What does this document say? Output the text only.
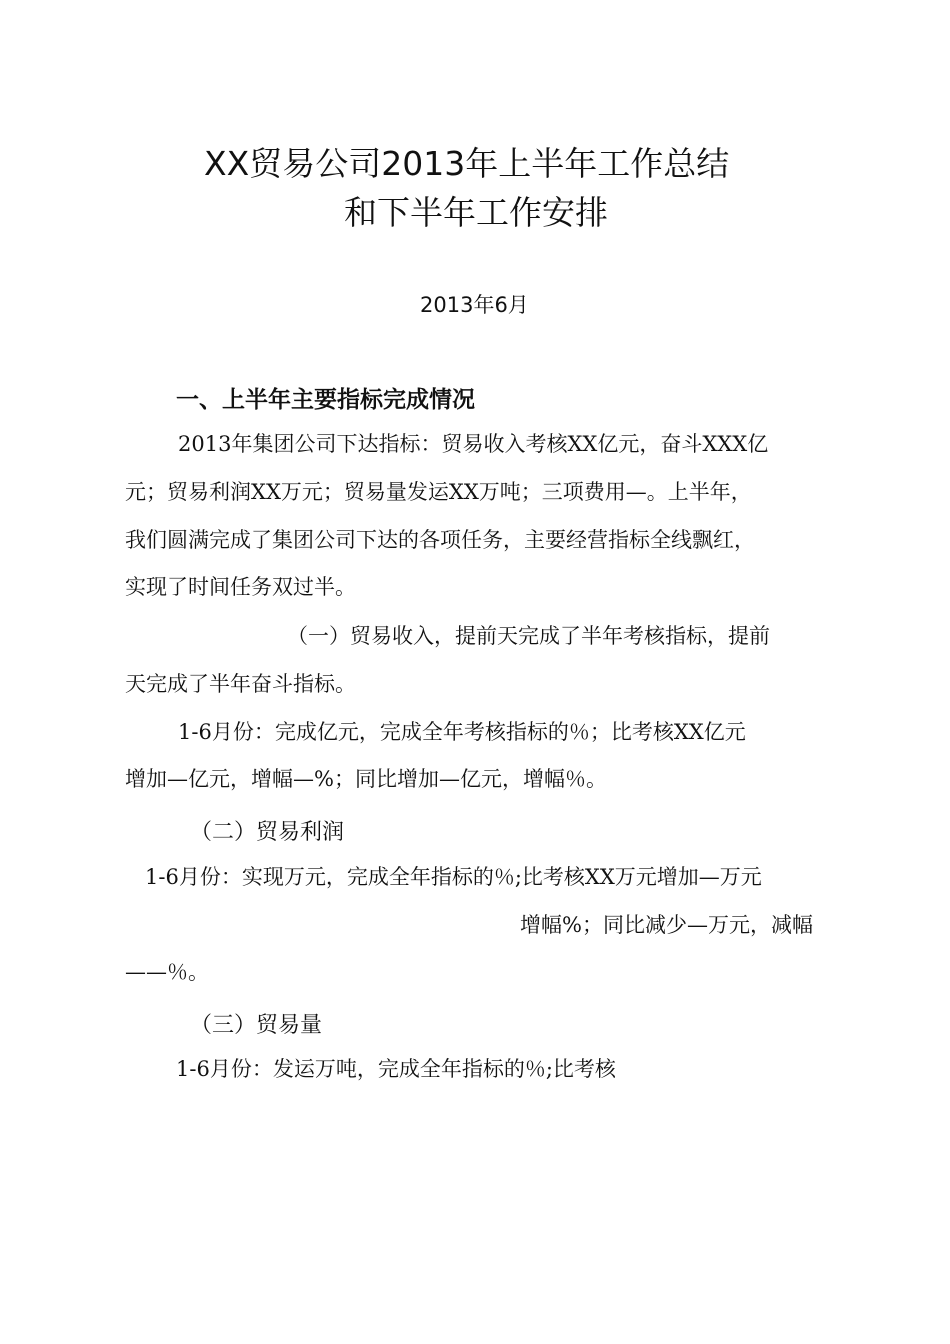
XX贸易公司2013年上半年工作总结
和下半年工作安排
2013年6月
一、上半年主要指标完成情况
2013年集团公司下达指标：贸易收入考核XX亿元，奋斗XXX亿
元；贸易利润XX万元；贸易量发运XX万吨；三项费用—。上半年，
我们圆满完成了集团公司下达的各项任务，主要经营指标全线飘红，
实现了时间任务双过半。
（一）贸易收入，提前天完成了半年考核指标，提前
天完成了半年奋斗指标。
1-6月份：完成亿元，完成全年考核指标的％；比考核XX亿元
增加—亿元，增幅—%；同比增加—亿元，增幅％。
（二）贸易利润
1-6月份：实现万元，完成全年指标的％;比考核XX万元增加—万元
增幅%；同比减少—万元，减幅
——％。
（三）贸易量
1-6月份：发运万吨，完成全年指标的％;比考核
